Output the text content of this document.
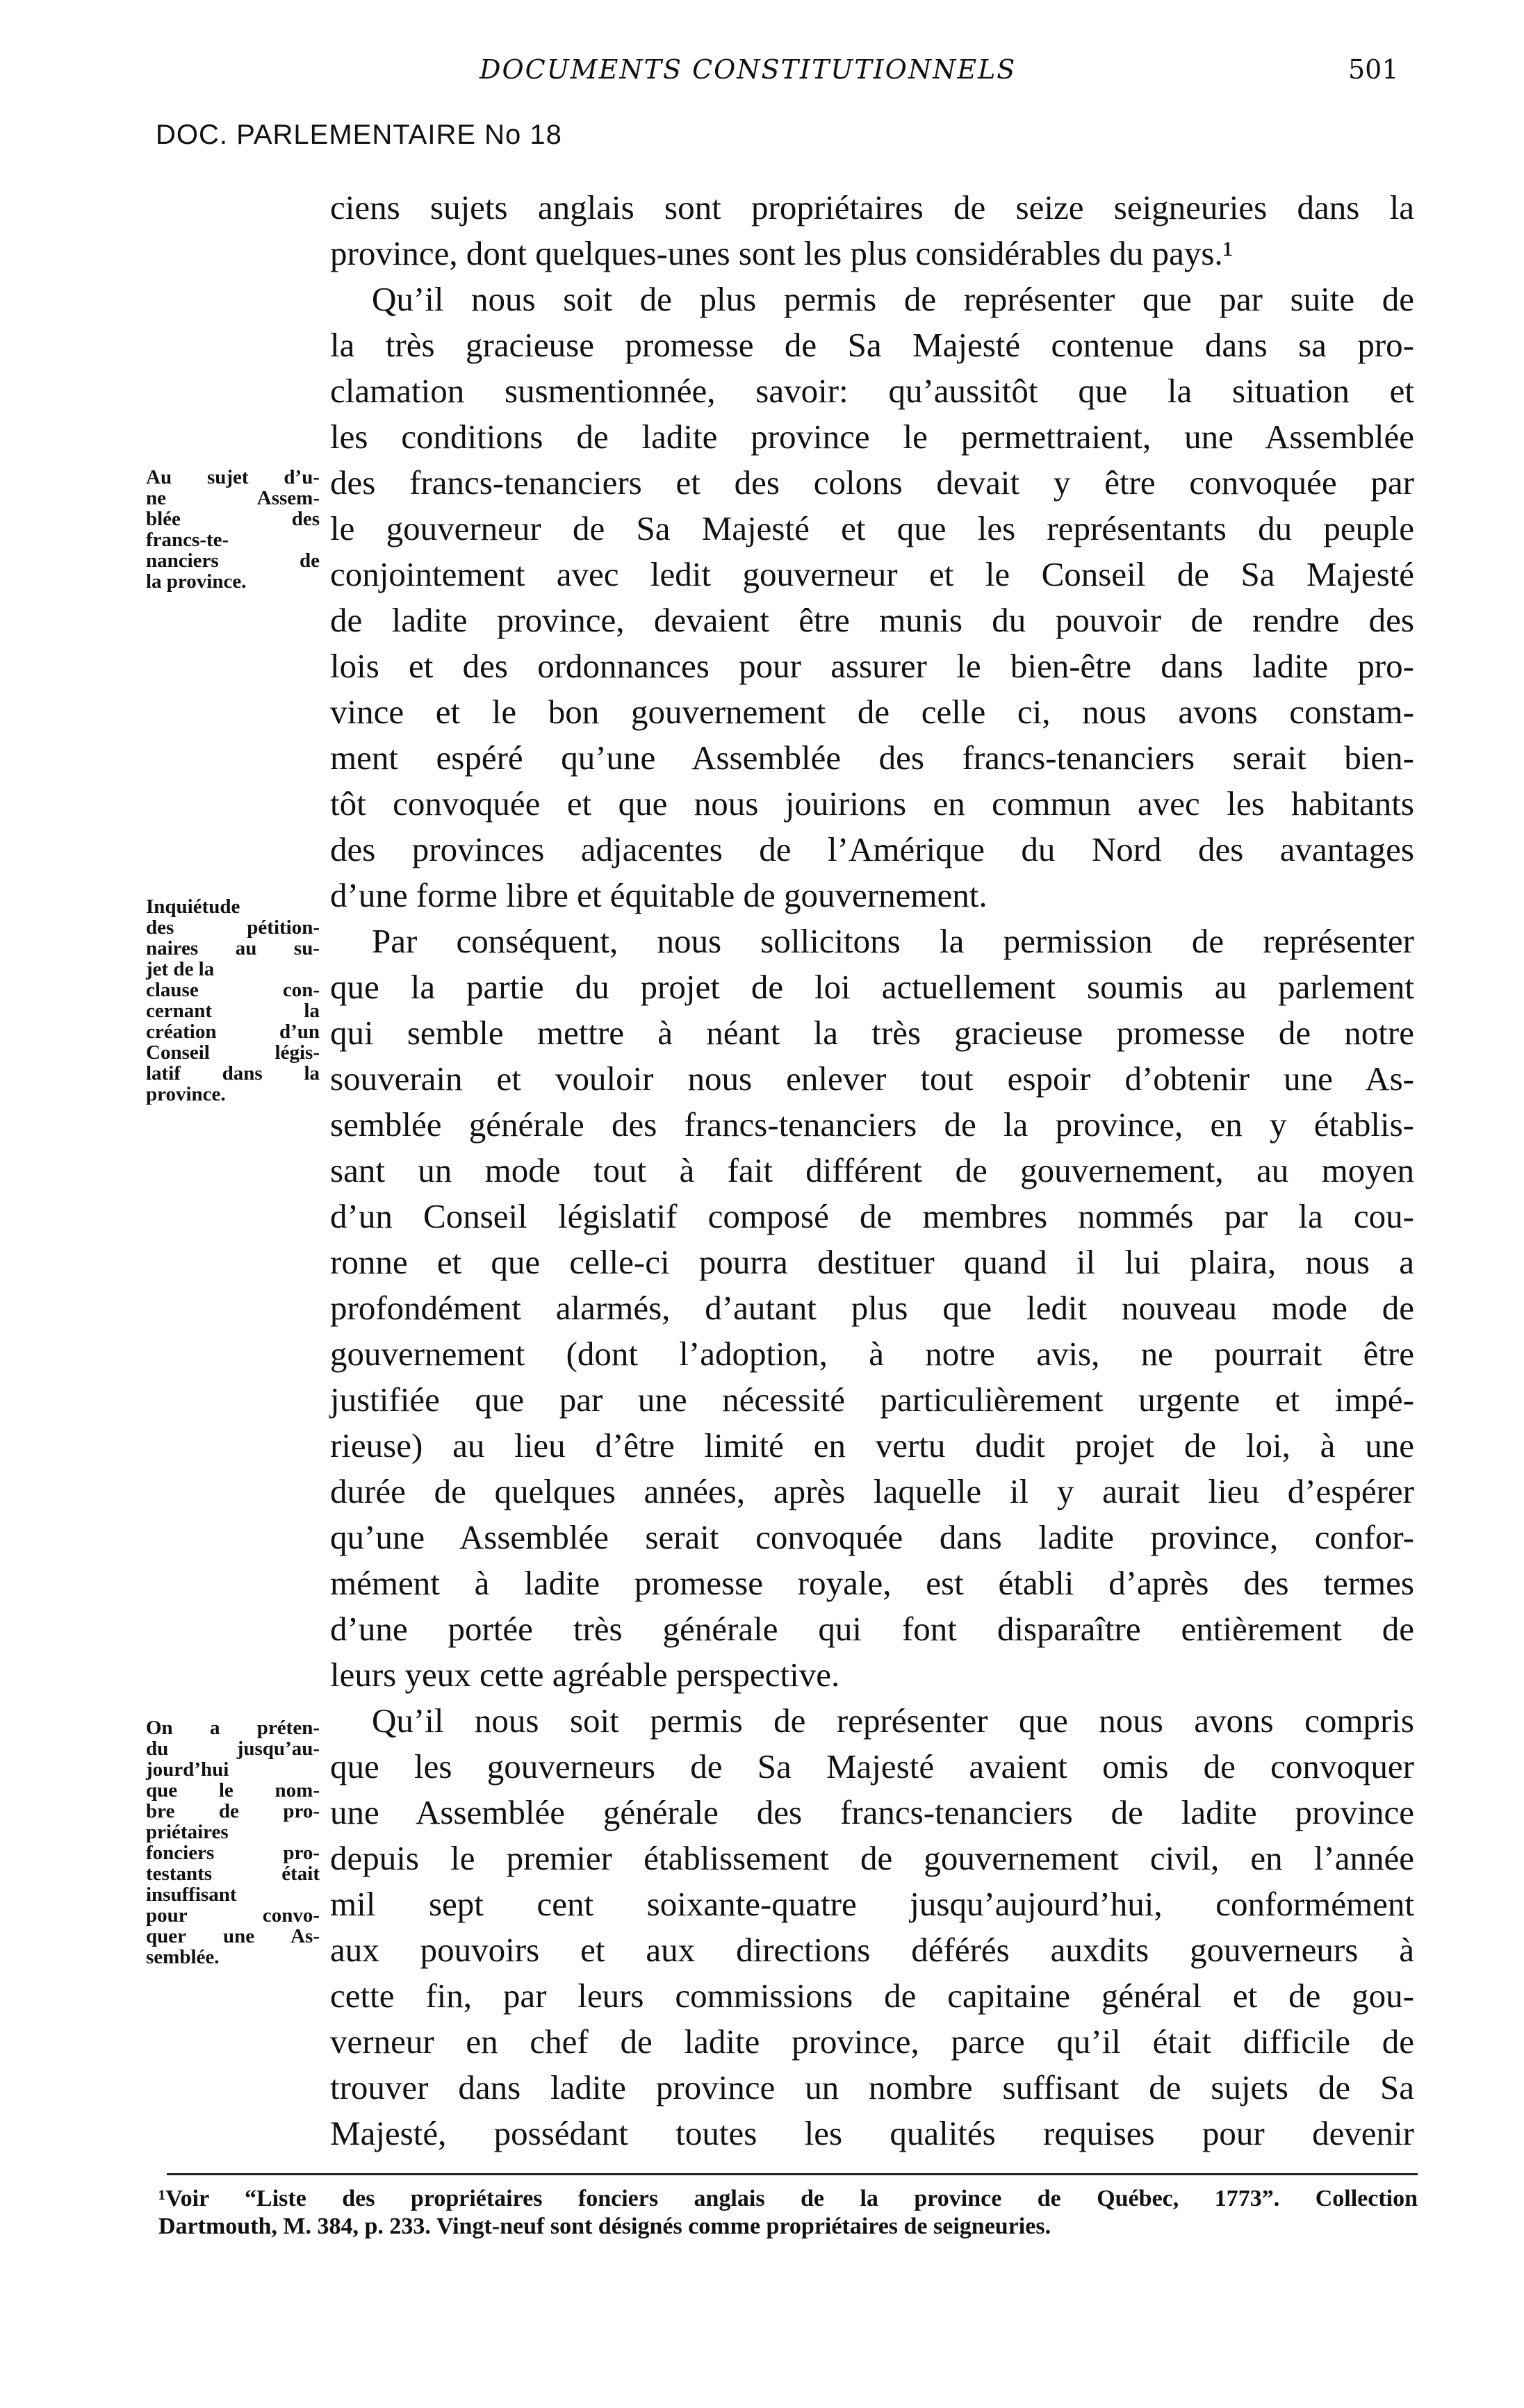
DOCUMENTS CONSTITUTIONNELS	501
DOC. PARLEMENTAIRE No 18
ciens sujets anglais sont propriétaires de seize seigneuries dans la
province, dont quelques-unes sont les plus considérables du pays.¹
Qu’il nous soit de plus permis de représenter que par suite de
la très gracieuse promesse de Sa Majesté contenue dans sa pro-
clamation susmentionnée, savoir: qu’aussitôt que la situation et
les conditions de ladite province le permettraient, une Assemblée
des francs-tenanciers et des colons devait y être convoquée par
le gouverneur de Sa Majesté et que les représentants du peuple
conjointement avec ledit gouverneur et le Conseil de Sa Majesté
de ladite province, devaient être munis du pouvoir de rendre des
lois et des ordonnances pour assurer le bien-être dans ladite pro-
vince et le bon gouvernement de celle ci, nous avons constam-
ment espéré qu’une Assemblée des francs-tenanciers serait bien-
tôt convoquée et que nous jouirions en commun avec les habitants
des provinces adjacentes de l’Amérique du Nord des avantages
d’une forme libre et équitable de gouvernement.
Par conséquent, nous sollicitons la permission de représenter
que la partie du projet de loi actuellement soumis au parlement
qui semble mettre à néant la très gracieuse promesse de notre
souverain et vouloir nous enlever tout espoir d’obtenir une As-
semblée générale des francs-tenanciers de la province, en y établis-
sant un mode tout à fait différent de gouvernement, au moyen
d’un Conseil législatif composé de membres nommés par la cou-
ronne et que celle-ci pourra destituer quand il lui plaira, nous a
profondément alarmés, d’autant plus que ledit nouveau mode de
gouvernement (dont l’adoption, à notre avis, ne pourrait être
justifiée que par une nécessité particulièrement urgente et impé-
rieuse) au lieu d’être limité en vertu dudit projet de loi, à une
durée de quelques années, après laquelle il y aurait lieu d’espérer
qu’une Assemblée serait convoquée dans ladite province, confor-
mément à ladite promesse royale, est établi d’après des termes
d’une portée très générale qui font disparaître entièrement de
leurs yeux cette agréable perspective.
Qu’il nous soit permis de représenter que nous avons compris
que les gouverneurs de Sa Majesté avaient omis de convoquer
une Assemblée générale des francs-tenanciers de ladite province
depuis le premier établissement de gouvernement civil, en l’année
mil sept cent soixante-quatre jusqu’aujourd’hui, conformément
aux pouvoirs et aux directions déférés auxdits gouverneurs à
cette fin, par leurs commissions de capitaine général et de gou-
verneur en chef de ladite province, parce qu’il était difficile de
trouver dans ladite province un nombre suffisant de sujets de Sa
Majesté, possédant toutes les qualités requises pour devenir
Au sujet d’u-
ne Assem-
blée des
francs-te-
nanciers de
la province.
Inquiétude
des pétition-
naires au su-
jet de la
clause con-
cernant la
création d’un
Conseil légis-
latif dans la
province.
On a préten-
du jusqu’au-
jourd’hui
que le nom-
bre de pro-
priétaires
fonciers pro-
testants était
insuffisant
pour convo-
quer une As-
semblée.
¹Voir “Liste des propriétaires fonciers anglais de la province de Québec, 1773”. Collection
Dartmouth, M. 384, p. 233. Vingt-neuf sont désignés comme propriétaires de seigneuries.
